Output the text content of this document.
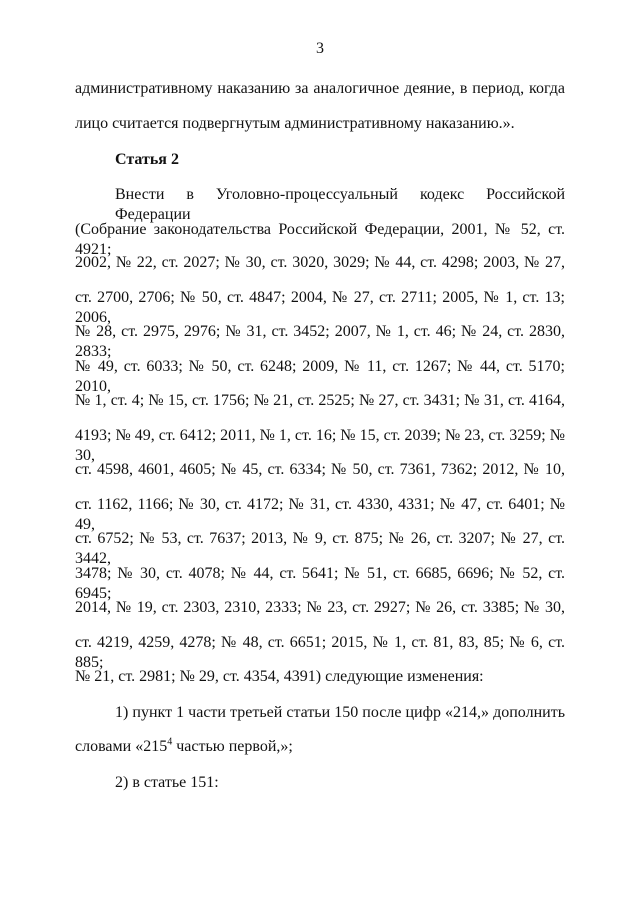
3
административному наказанию за аналогичное деяние, в период, когда
лицо считается подвергнутым административному наказанию.».
Статья 2
Внести в Уголовно-процессуальный кодекс Российской Федерации
(Собрание законодательства Российской Федерации, 2001, № 52, ст. 4921;
2002, № 22, ст. 2027; № 30, ст. 3020, 3029; № 44, ст. 4298; 2003, № 27,
ст. 2700, 2706; № 50, ст. 4847; 2004, № 27, ст. 2711; 2005, № 1, ст. 13; 2006,
№ 28, ст. 2975, 2976; № 31, ст. 3452; 2007, № 1, ст. 46; № 24, ст. 2830, 2833;
№ 49, ст. 6033; № 50, ст. 6248; 2009, № 11, ст. 1267; № 44, ст. 5170; 2010,
№ 1, ст. 4; № 15, ст. 1756; № 21, ст. 2525; № 27, ст. 3431; № 31, ст. 4164,
4193; № 49, ст. 6412; 2011, № 1, ст. 16; № 15, ст. 2039; № 23, ст. 3259; № 30,
ст. 4598, 4601, 4605; № 45, ст. 6334; № 50, ст. 7361, 7362; 2012, № 10,
ст. 1162, 1166; № 30, ст. 4172; № 31, ст. 4330, 4331; № 47, ст. 6401; № 49,
ст. 6752; № 53, ст. 7637; 2013, № 9, ст. 875; № 26, ст. 3207; № 27, ст. 3442,
3478; № 30, ст. 4078; № 44, ст. 5641; № 51, ст. 6685, 6696; № 52, ст. 6945;
2014, № 19, ст. 2303, 2310, 2333; № 23, ст. 2927; № 26, ст. 3385; № 30,
ст. 4219, 4259, 4278; № 48, ст. 6651; 2015, № 1, ст. 81, 83, 85; № 6, ст. 885;
№ 21, ст. 2981; № 29, ст. 4354, 4391) следующие изменения:
1) пункт 1 части третьей статьи 150 после цифр «214,» дополнить
словами «$215^4$ частью первой,»;
2) в статье 151:
